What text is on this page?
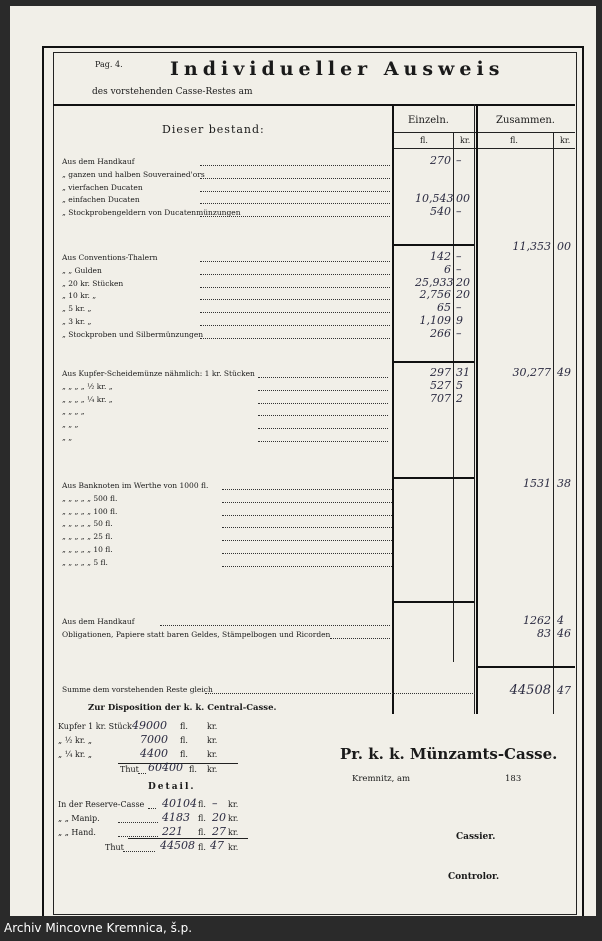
Pag. 4. Individueller Ausweis
des vorstehenden Casse-Restes am
Dieser bestand:
Einzeln.	Zusammen.
fl.	kr.	fl.	kr.
Aus dem Handkauf	270 –
„ ganzen und halben Souverained'ors
„ vierfachen Ducaten
„ einfachen Ducaten	10,543 00
„ Stockprobengeldern von Ducatenmünzungen	540 –
11,353 00
Aus Conventions-Thalern	142 –
„ „ Gulden	6 –
„ 20 kr. Stücken	25,933 20
„ 10 kr. „	2,756 20
„ 5 kr. „	65 –
„ 3 kr. „	1,109 9
„ Stockproben und Silbermünzungen	266 –
30,277 49
Aus Kupfer-Scheidemünze nähmlich: 1 kr. Stücken	297 31
„ „ „ „ ½ kr. „	527 5
„ „ „ „ ¼ kr. „	707 2
„ „ „ „
„ „ „
„ „
1531 38
Aus Banknoten im Werthe von 1000 fl.
„ „ „ „ „ 500 fl.
„ „ „ „ „ 100 fl.
„ „ „ „ „ 50 fl.
„ „ „ „ „ 25 fl.
„ „ „ „ „ 10 fl.
„ „ „ „ „ 5 fl.
Aus dem Handkauf	1262 4
Obligationen, Papiere statt baren Geldes, Stämpelbogen und Ricorden	83 46
Summe dem vorstehenden Reste gleich	44508 47
Zur Disposition der k. k. Central-Casse.
Kupfer 1 kr. Stück 49000 fl. kr.
„ ½ kr. „	7000 fl. kr.
„ ¼ kr. „	4400 fl. kr.
Thut 60400 fl. kr.
Detail.
In der Reserve-Casse 40104 fl. – kr.
„ „ Manip.	4183 fl. 20 kr.
„ „ Hand.	221 fl. 27 kr.
Thut	44508 fl. 47 kr.
Pr. k. k. Münzamts-Casse.
Kremnitz, am	183
Cassier.
Controlor.
Archiv Mincovne Kremnica, š.p.
